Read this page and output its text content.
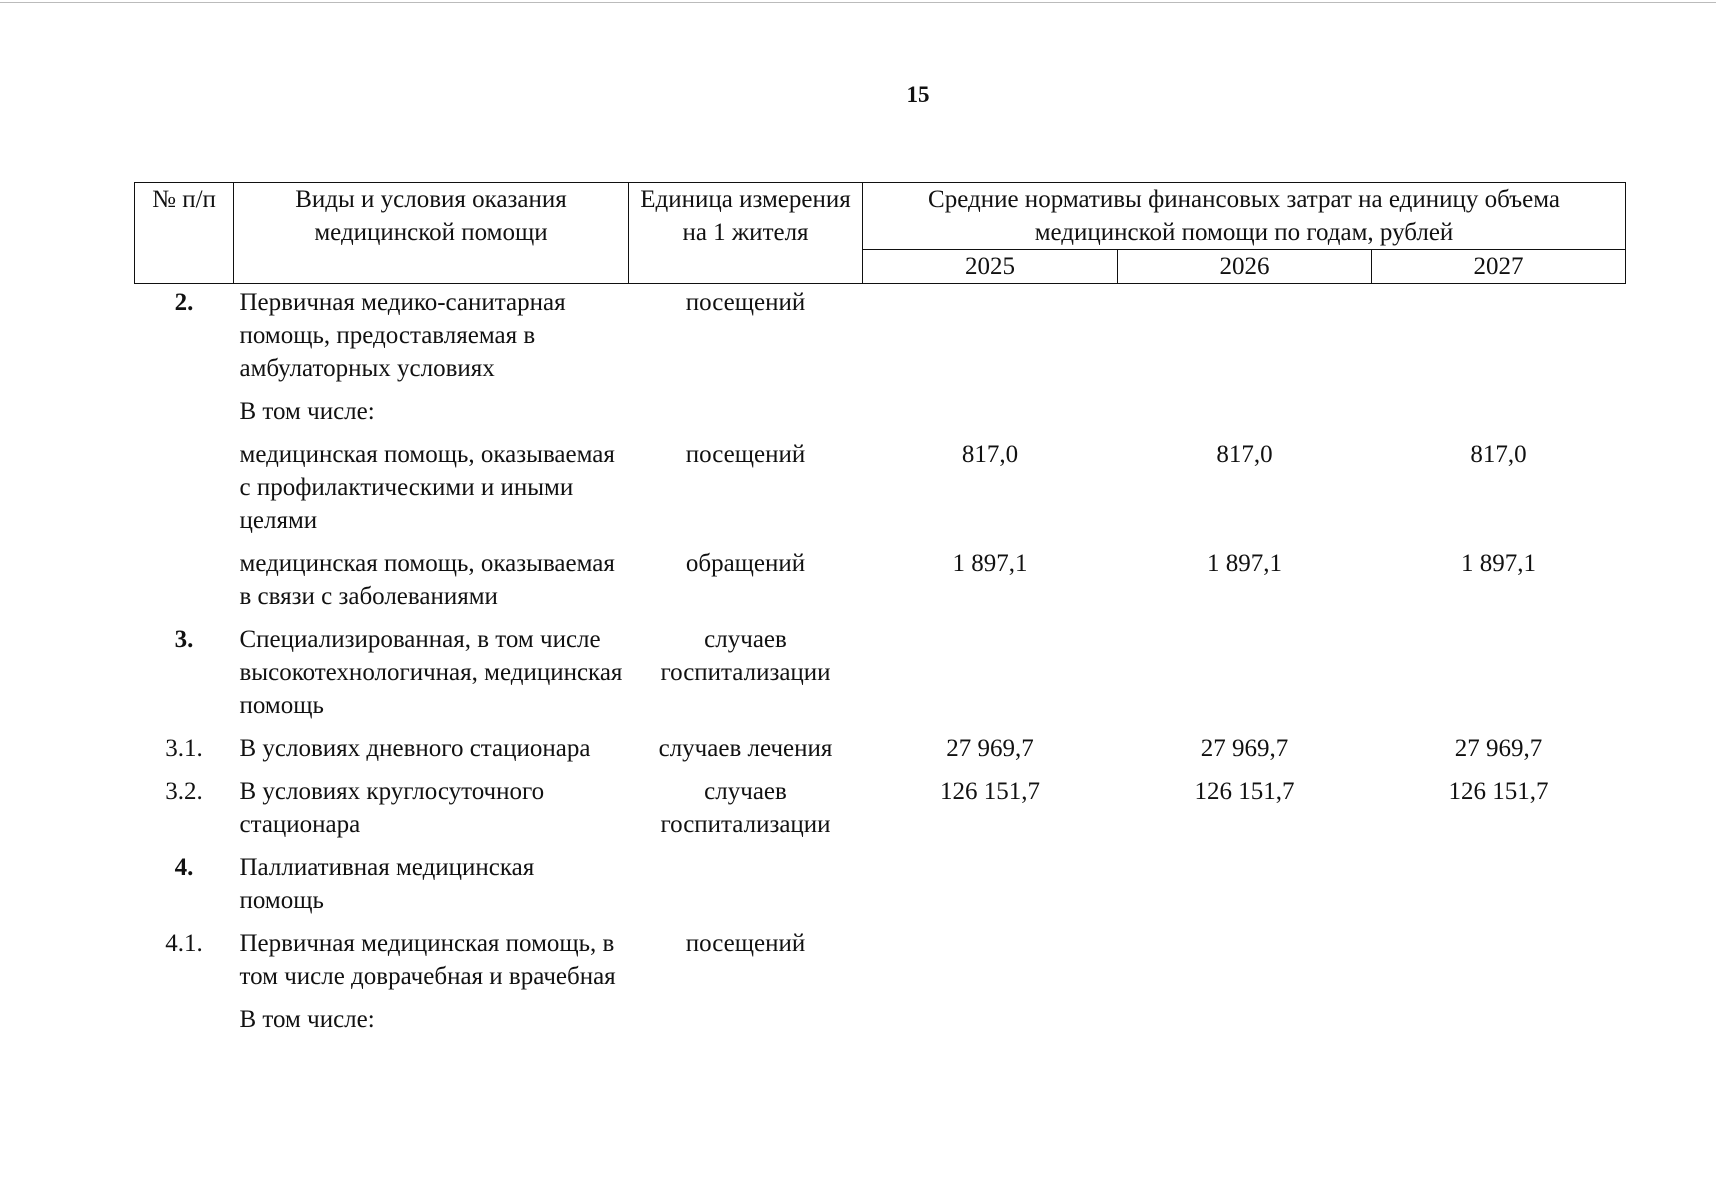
15
№ п/п	Виды и условия оказания медицинской помощи	Единица измерения на 1 жителя	Средние нормативы финансовых затрат на единицу объема медицинской помощи по годам, рублей		
			2025	2026	2027
2.	Первичная медико-санитарная помощь, предоставляемая в амбулаторных условиях	посещений			
	В том числе:				
	медицинская помощь, оказываемая с профилактическими и иными целями	посещений	817,0	817,0	817,0
	медицинская помощь, оказываемая в связи с заболеваниями	обращений	1 897,1	1 897,1	1 897,1
3.	Специализированная, в том числе высокотехнологичная, медицинская помощь	случаев госпитализации			
3.1.	В условиях дневного стационара	случаев лечения	27 969,7	27 969,7	27 969,7
3.2.	В условиях круглосуточного стационара	случаев госпитализации	126 151,7	126 151,7	126 151,7
4.	Паллиативная медицинская помощь				
4.1.	Первичная медицинская помощь, в том числе доврачебная и врачебная	посещений			
	В том числе:				
